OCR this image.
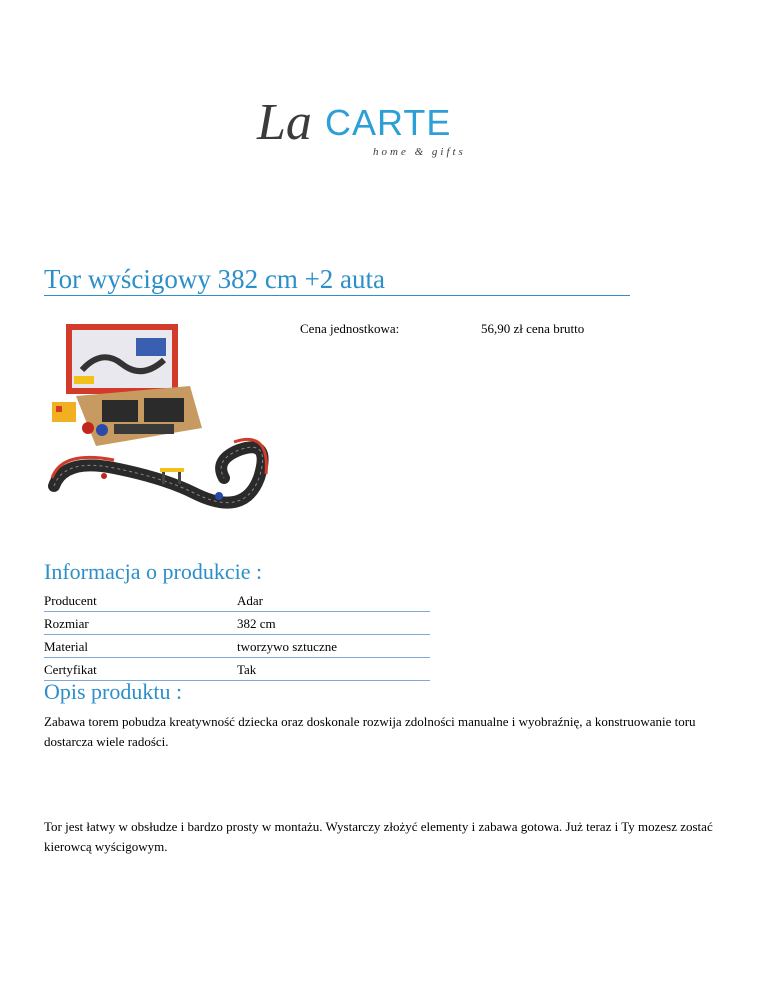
La CARTE
home & gifts
Tor wyścigowy 382 cm +2 auta
Cena jednostkowa:	56,90 zł cena brutto
Informacja o produkcie :
Producent	Adar
Rozmiar	382 cm
Material	tworzywo sztuczne
Certyfikat	Tak
Opis produktu :
Zabawa torem pobudza kreatywność dziecka oraz doskonale rozwija zdolności manualne i wyobraźnię, a konstruowanie toru dostarcza wiele radości.
Tor jest łatwy w obsłudze i bardzo prosty w montażu. Wystarczy złożyć elementy i zabawa gotowa. Już teraz i Ty mozesz zostać kierowcą wyścigowym.
